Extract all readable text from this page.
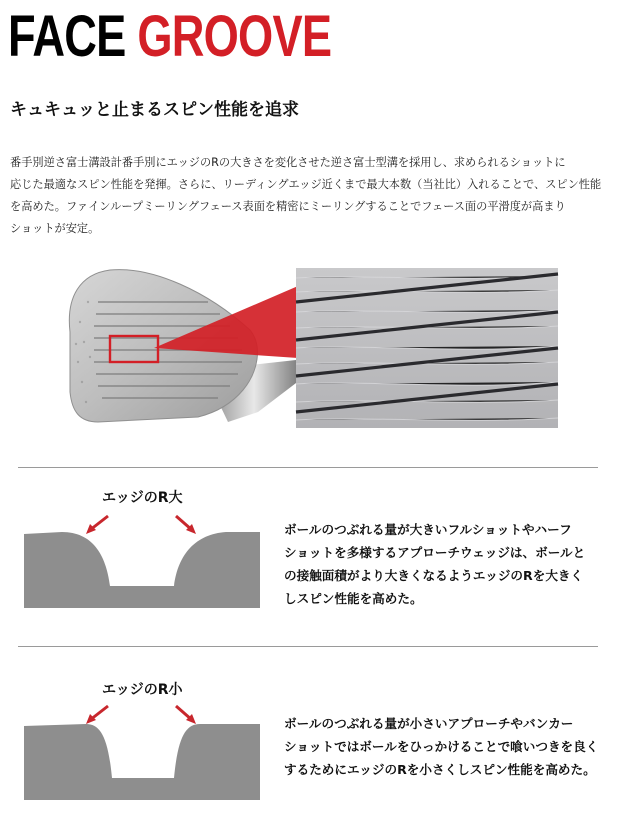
FACE GROOVE
キュキュッと止まるスピン性能を追求
番手別逆さ富士溝設計番手別にエッジのRの大きさを変化させた逆さ富士型溝を採用し、求められるショットに
応じた最適なスピン性能を発揮。さらに、リーディングエッジ近くまで最大本数（当社比）入れることで、スピン性能
を高めた。ファインループミーリングフェース表面を精密にミーリングすることでフェース面の平滑度が高まり
ショットが安定。
エッジのR大
ボールのつぶれる量が大きいフルショットやハーフ
ショットを多様するアプローチウェッジは、ボールと
の接触面積がより大きくなるようエッジのRを大きく
しスピン性能を高めた。
エッジのR小
ボールのつぶれる量が小さいアプローチやバンカー
ショットではボールをひっかけることで喰いつきを良く
するためにエッジのRを小さくしスピン性能を高めた。
